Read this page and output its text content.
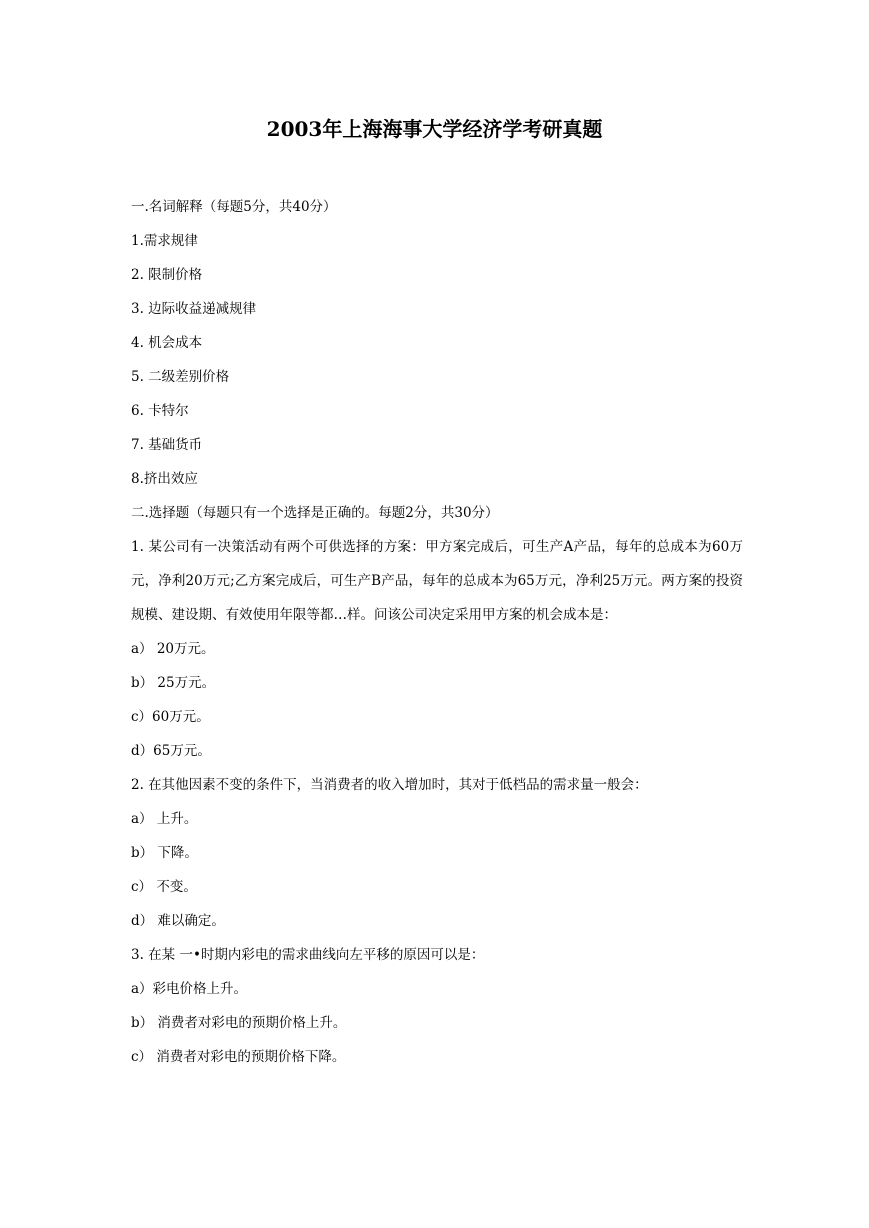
2003年上海海事大学经济学考研真题

一.名词解释（每题5分，共40分）

1.需求规律

2. 限制价格

3. 边际收益递减规律

4. 机会成本

5. 二级差别价格

6. 卡特尔

7. 基础货币

8.挤出效应

二.选择题（每题只有一个选择是正确的。每题2分，共30分）

1. 某公司有一决策活动有两个可供选择的方案：甲方案完成后，可生产A产品，每年的总成本为60万元，净利20万元;乙方案完成后，可生产B产品，每年的总成本为65万元，净利25万元。两方案的投资规模、建设期、有效使用年限等都…样。问该公司决定采用甲方案的机会成本是：

a） 20万元。

b） 25万元。

c）60万元。

d）65万元。

2. 在其他因素不变的条件下，当消费者的收入增加时，其对于低档品的需求量一般会：

a） 上升。

b） 下降。

c） 不变。

d） 难以确定。

3. 在某 一•时期内彩电的需求曲线向左平移的原因可以是：

a）彩电价格上升。

b） 消费者对彩电的预期价格上升。

c） 消费者对彩电的预期价格下降。
